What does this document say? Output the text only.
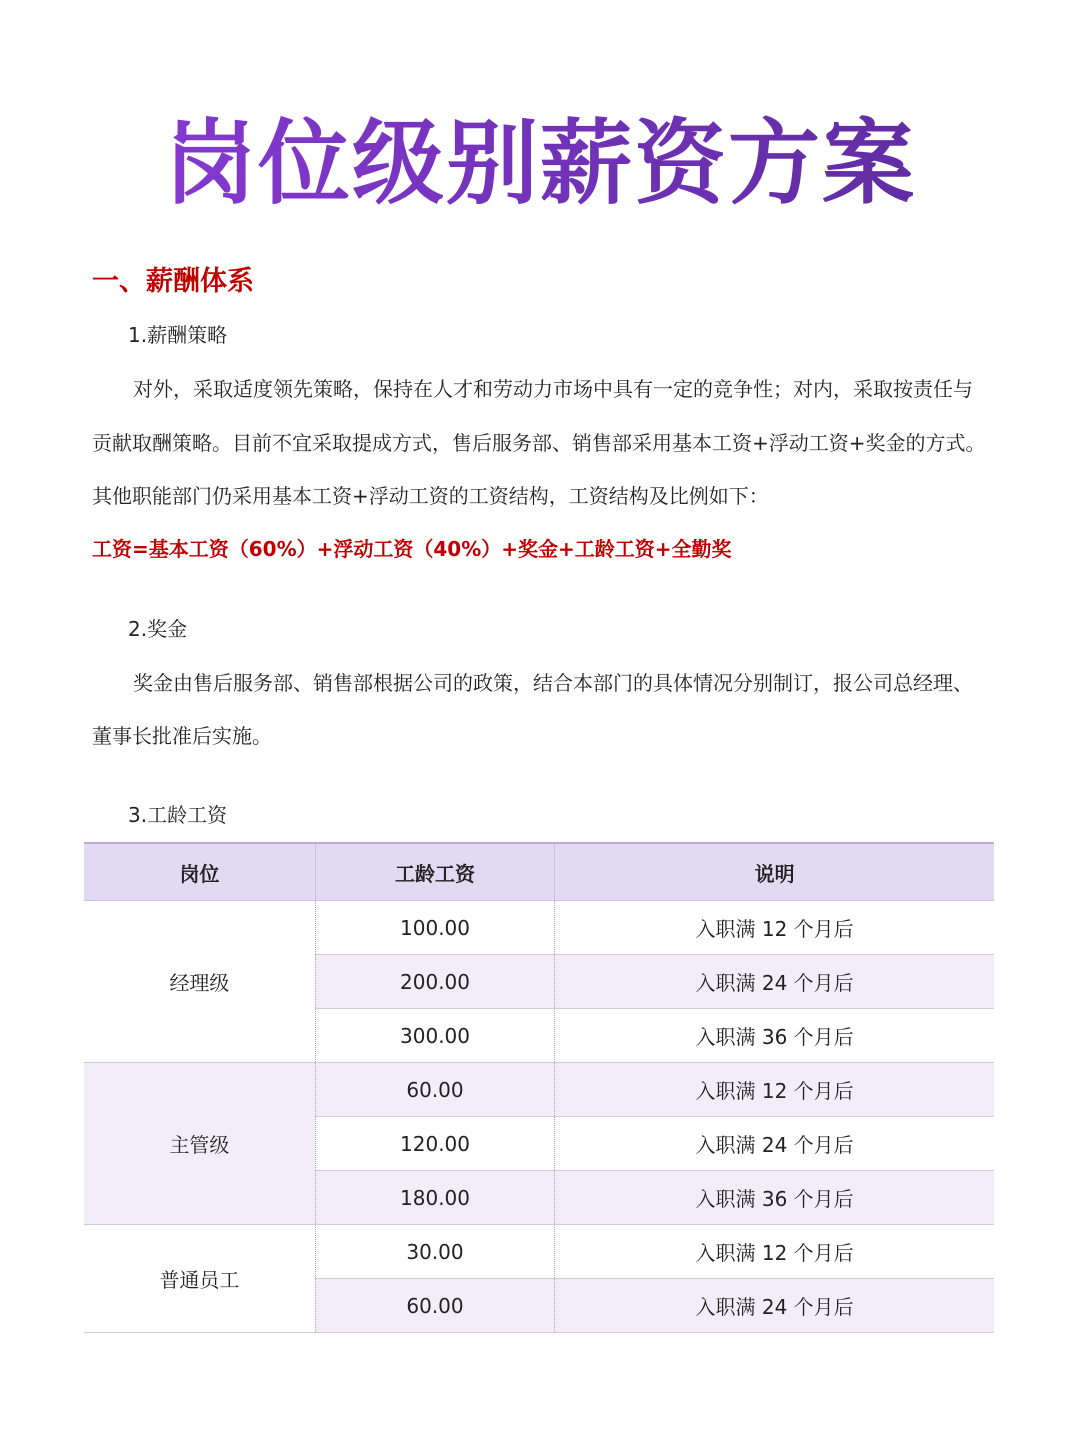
岗位级别薪资方案
一、薪酬体系
1.薪酬策略
对外，采取适度领先策略，保持在人才和劳动力市场中具有一定的竞争性；对内，采取按责任与
贡献取酬策略。目前不宜采取提成方式，售后服务部、销售部采用基本工资+浮动工资+奖金的方式。
其他职能部门仍采用基本工资+浮动工资的工资结构，工资结构及比例如下：
工资=基本工资（60%）+浮动工资（40%）+奖金+工龄工资+全勤奖
2.奖金
奖金由售后服务部、销售部根据公司的政策，结合本部门的具体情况分别制订，报公司总经理、
董事长批准后实施。
3.工龄工资
岗位	工龄工资	说明
经理级	100.00	入职满 12 个月后
	200.00	入职满 24 个月后
	300.00	入职满 36 个月后
主管级	60.00	入职满 12 个月后
	120.00	入职满 24 个月后
	180.00	入职满 36 个月后
普通员工	30.00	入职满 12 个月后
	60.00	入职满 24 个月后
